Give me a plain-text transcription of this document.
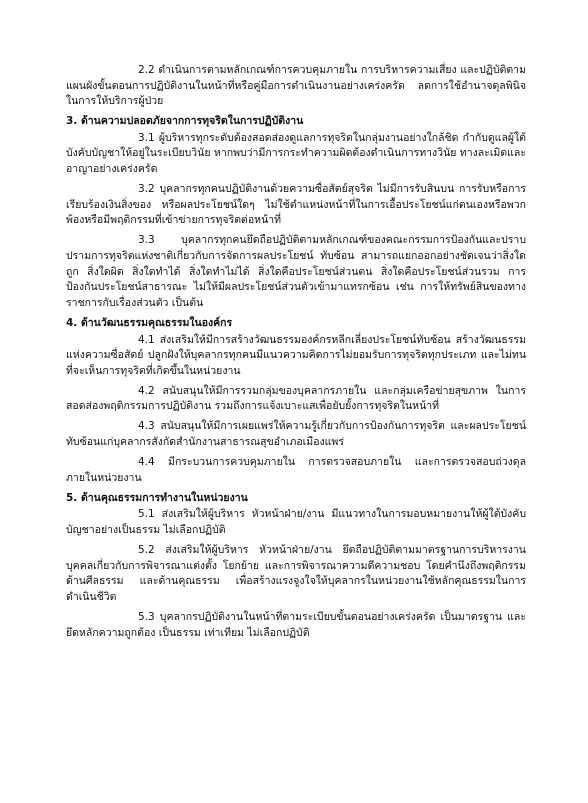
2.2 ดำเนินการตามหลักเกณฑ์การควบคุมภายใน การบริหารความเสี่ยง และปฏิบัติตามแผนผังขั้นตอนการปฏิบัติงานในหน้าที่หรือคู่มือการดำเนินงานอย่างเคร่งครัด ลดการใช้อำนาจดุลพินิจในการให้บริการผู้ป่วย

3. ด้านความปลอดภัยจากการทุจริตในการปฏิบัติงาน

3.1 ผู้บริหารทุกระดับต้องสอดส่องดูแลการทุจริตในกลุ่มงานอย่างใกล้ชิด กำกับดูแลผู้ใต้บังคับบัญชาให้อยู่ในระเบียบวินัย หากพบว่ามีการกระทำความผิดต้องดำเนินการทางวินัย ทางละเมิดและอาญาอย่างเคร่งครัด

3.2 บุคลากรทุกคนปฏิบัติงานด้วยความซื่อสัตย์สุจริต ไม่มีการรับสินบน การรับหรือการเรียบร้องเงินสิ่งของ หรือผลประโยชน์ใดๆ ไม่ใช้ตำแหน่งหน้าที่ในการเอื้อประโยชน์แก่ตนเองหรือพวกพ้องหรือมีพฤติกรรมที่เข้าข่ายการทุจริตต่อหน้าที่

3.3 บุคลากรทุกคนยึดถือปฏิบัติตามหลักเกณฑ์ของคณะกรรมการป้องกันและปราบปรามการทุจริตแห่งชาติเกี่ยวกับการจัดการผลประโยชน์ ทับซ้อน สามารถแยกออกอย่างชัดเจนว่าสิ่งใดถูก สิ่งใดผิด สิ่งใดทำได้ สิ่งใดทำไม่ได้ สิ่งใดคือประโยชน์ส่วนตน สิ่งใดคือประโยชน์ส่วนรวม การป้องกันประโยชน์สาธารณะ ไม่ให้มีผลประโยชน์ส่วนตัวเข้ามาแทรกซ้อน เช่น การให้ทรัพย์สินของทางราชการกับเรื่องส่วนตัว เป็นต้น

4. ด้านวัฒนธรรมคุณธรรมในองค์กร

4.1 ส่งเสริมให้มีการสร้างวัฒนธรรมองค์กรหลีกเลี่ยงประโยชน์ทับซ้อน สร้างวัฒนธรรมแห่งความซื่อสัตย์ ปลูกฝังให้บุคลากรทุกคนมีแนวความคิดการไม่ยอมรับการทุจริตทุกประเภท และไม่ทนที่จะเห็นการทุจริตที่เกิดขึ้นในหน่วยงาน

4.2 สนับสนุนให้มีการรวมกลุ่มของบุคลากรภายใน และกลุ่มเครือข่ายสุขภาพ ในการสอดส่องพฤติกรรมการปฏิบัติงาน รวมถึงการแจ้งเบาะแสเพื่อยับยั้งการทุจริตในหน้าที่

4.3 สนับสนุนให้มีการเผยแพร่ให้ความรู้เกี่ยวกับการป้องกันการทุจริต และผลประโยชน์ทับซ้อนแก่บุคลากรสังกัดสำนักงานสาธารณสุขอำเภอเมืองแพร่

4.4 มีกระบวนการควบคุมภายใน การตรวจสอบภายใน และการตรวจสอบถ่วงดุลภายในหน่วยงาน

5. ด้านคุณธรรมการทำงานในหน่วยงาน

5.1 ส่งเสริมให้ผู้บริหาร หัวหน้าฝ่าย/งาน มีแนวทางในการมอบหมายงานให้ผู้ใต้บังคับบัญชาอย่างเป็นธรรม ไม่เลือกปฏิบัติ

5.2 ส่งเสริมให้ผู้บริหาร หัวหน้าฝ่าย/งาน ยึดถือปฏิบัติตามมาตรฐานการบริหารงานบุคคลเกี่ยวกับการพิจารณาแต่งตั้ง โยกย้าย และการพิจารณาความดีความชอบ โดยคำนึงถึงพฤติกรรมด้านศีลธรรม และด้านคุณธรรม เพื่อสร้างแรงจูงใจให้บุคลากรในหน่วยงานใช้หลักคุณธรรมในการดำเนินชีวิต

5.3 บุคลากรปฏิบัติงานในหน้าที่ตามระเบียบขั้นตอนอย่างเคร่งครัด เป็นมาตรฐาน และยึดหลักความถูกต้อง เป็นธรรม เท่าเทียม ไม่เลือกปฏิบัติ
